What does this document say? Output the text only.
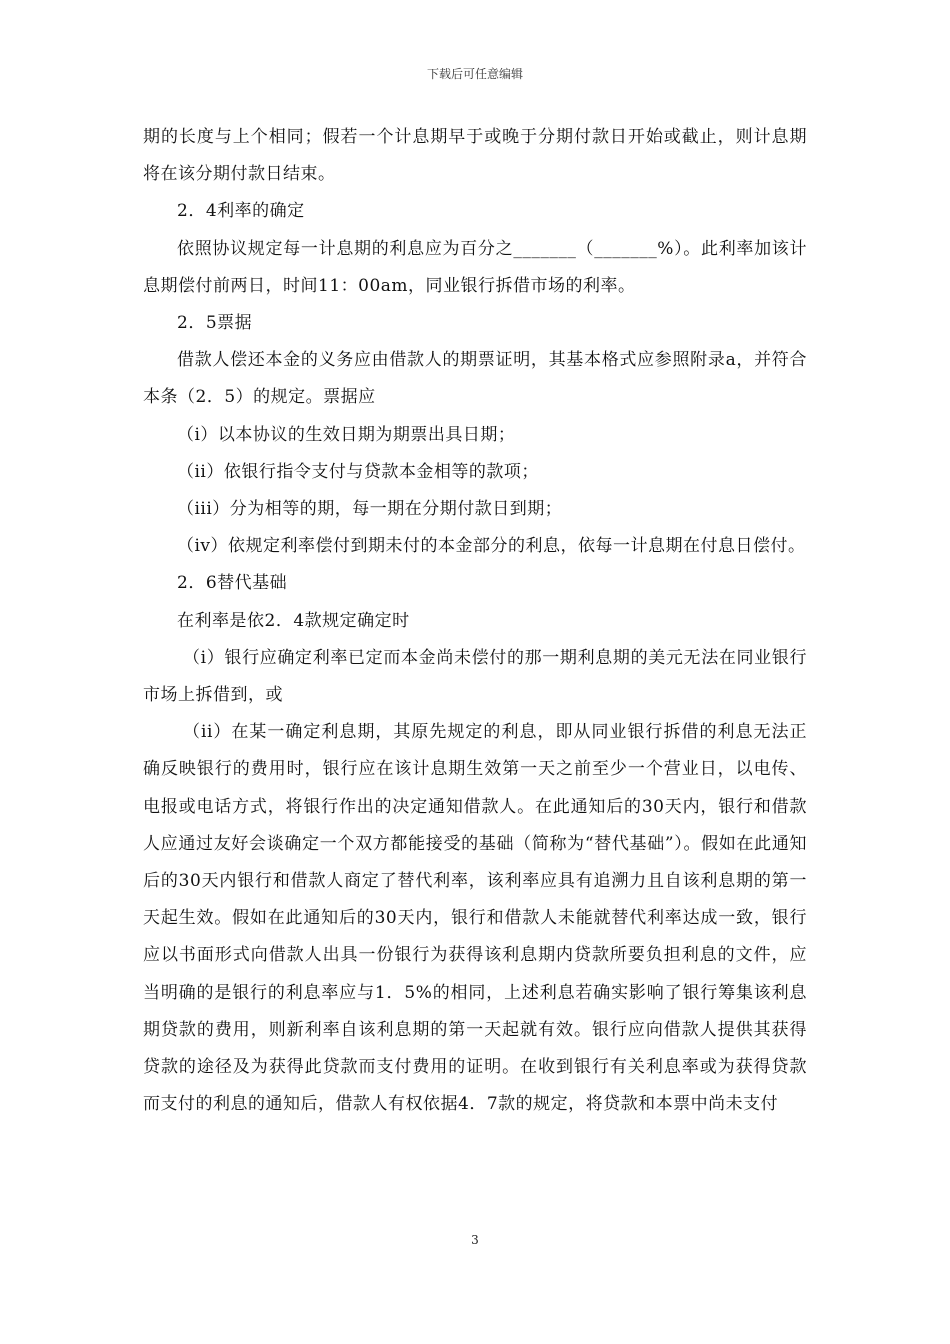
下载后可任意编辑

期的长度与上个相同；假若一个计息期早于或晚于分期付款日开始或截止，则计息期将在该分期付款日结束。

2．4利率的确定

依照协议规定每一计息期的利息应为百分之_______（_______%）。此利率加该计息期偿付前两日，时间11：00am，同业银行拆借市场的利率。

2．5票据

借款人偿还本金的义务应由借款人的期票证明，其基本格式应参照附录a，并符合本条（2．5）的规定。票据应

（i）以本协议的生效日期为期票出具日期；

（ii）依银行指令支付与贷款本金相等的款项；

（iii）分为相等的期，每一期在分期付款日到期；

（iv）依规定利率偿付到期未付的本金部分的利息，依每一计息期在付息日偿付。

2．6替代基础

在利率是依2．4款规定确定时

（i）银行应确定利率已定而本金尚未偿付的那一期利息期的美元无法在同业银行市场上拆借到，或

（ii）在某一确定利息期，其原先规定的利息，即从同业银行拆借的利息无法正确反映银行的费用时，银行应在该计息期生效第一天之前至少一个营业日，以电传、电报或电话方式，将银行作出的决定通知借款人。在此通知后的30天内，银行和借款人应通过友好会谈确定一个双方都能接受的基础（简称为“替代基础”）。假如在此通知后的30天内银行和借款人商定了替代利率，该利率应具有追溯力且自该利息期的第一天起生效。假如在此通知后的30天内，银行和借款人未能就替代利率达成一致，银行应以书面形式向借款人出具一份银行为获得该利息期内贷款所要负担利息的文件，应当明确的是银行的利息率应与1．5%的相同，上述利息若确实影响了银行筹集该利息期贷款的费用，则新利率自该利息期的第一天起就有效。银行应向借款人提供其获得贷款的途径及为获得此贷款而支付费用的证明。在收到银行有关利息率或为获得贷款而支付的利息的通知后，借款人有权依据4．7款的规定，将贷款和本票中尚未支付

3
